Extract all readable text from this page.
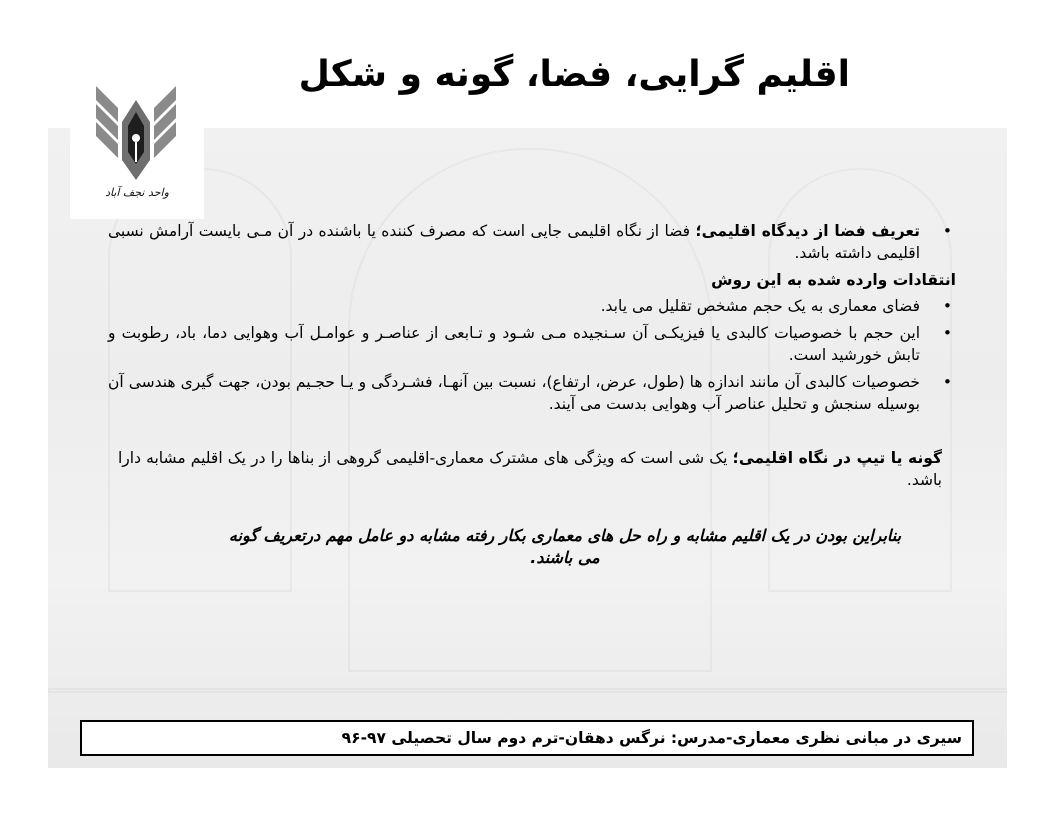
واحد نجف آباد
اقلیم گرایی، فضا، گونه و شکل

•
تعریف فضا از دیدگاه اقلیمی؛ فضا از نگاه اقلیمی جایی است که مصرف کننده یا باشنده در آن مـی بایست آرامش نسبی اقلیمی داشته باشد.

انتقادات وارده شده به این روش

•
فضای معماری به یک حجم مشخص تقلیل می یابد.

•
این حجم با خصوصیات کالبدی یا فیزیکـی آن سـنجیده مـی شـود و تـابعی از عناصـر و عوامـل آب وهوایی دما، باد، رطوبت و تابش خورشید است.

•
خصوصیات کالبدی آن مانند اندازه ها (طول، عرض، ارتفاع)، نسبت بین آنهـا، فشـردگی و یـا حجـیم بودن، جهت گیری هندسی آن بوسیله سنجش و تحلیل عناصر آب وهوایی بدست می آیند.

گونه یا تیپ در نگاه اقلیمی؛ یک شی است که ویژگی های مشترک معماری-اقلیمی گروهی از بناها را در یک اقلیم مشابه دارا باشد.

بنابراین بودن در یک اقلیم مشابه و راه حل های معماری بکار رفته مشابه دو عامل مهم درتعریف گونه می باشند.

سیری در مبانی نظری معماری-مدرس: نرگس دهقان-ترم دوم سال تحصیلی ۹۷-۹۶
